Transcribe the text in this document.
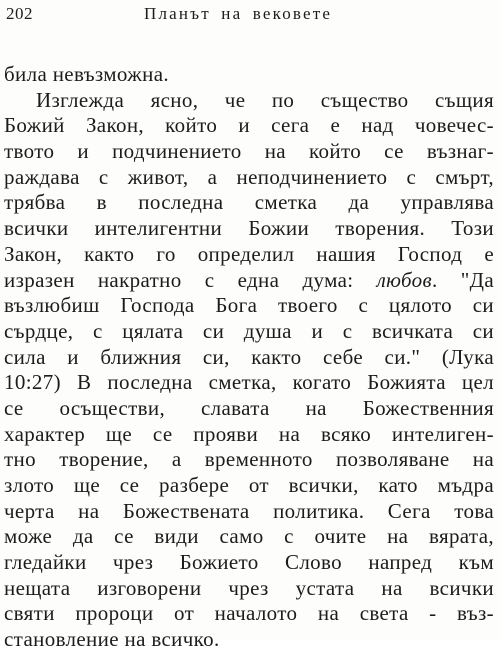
202	Планът на вековете
била невъзможна.
Изглежда ясно, че по същество същия
Божий Закон, който и сега е над човечес-
твото и подчинението на който се възнаг-
раждава с живот, а неподчинението с смърт,
трябва в последна сметка да управлява
всички интелигентни Божии творения. Този
Закон, както го определил нашия Господ е
изразен накратно с една дума: любов. "Да
възлюбиш Господа Бога твоего с цялото си
сърдце, с цялата си душа и с всичката си
сила и ближния си, както себе си." (Лука
10:27) В последна сметка, когато Божията цел
се осъществи, славата на Божественния
характер ще се прояви на всяко интелиген-
тно творение, а временното позволяване на
злото ще се разбере от всички, като мъдра
черта на Божествената политика. Сега това
може да се види само с очите на вярата,
гледайки чрез Божието Слово напред към
нещата изговорени чрез устата на всички
святи пророци от началото на света - въз-
становление на всичко.
